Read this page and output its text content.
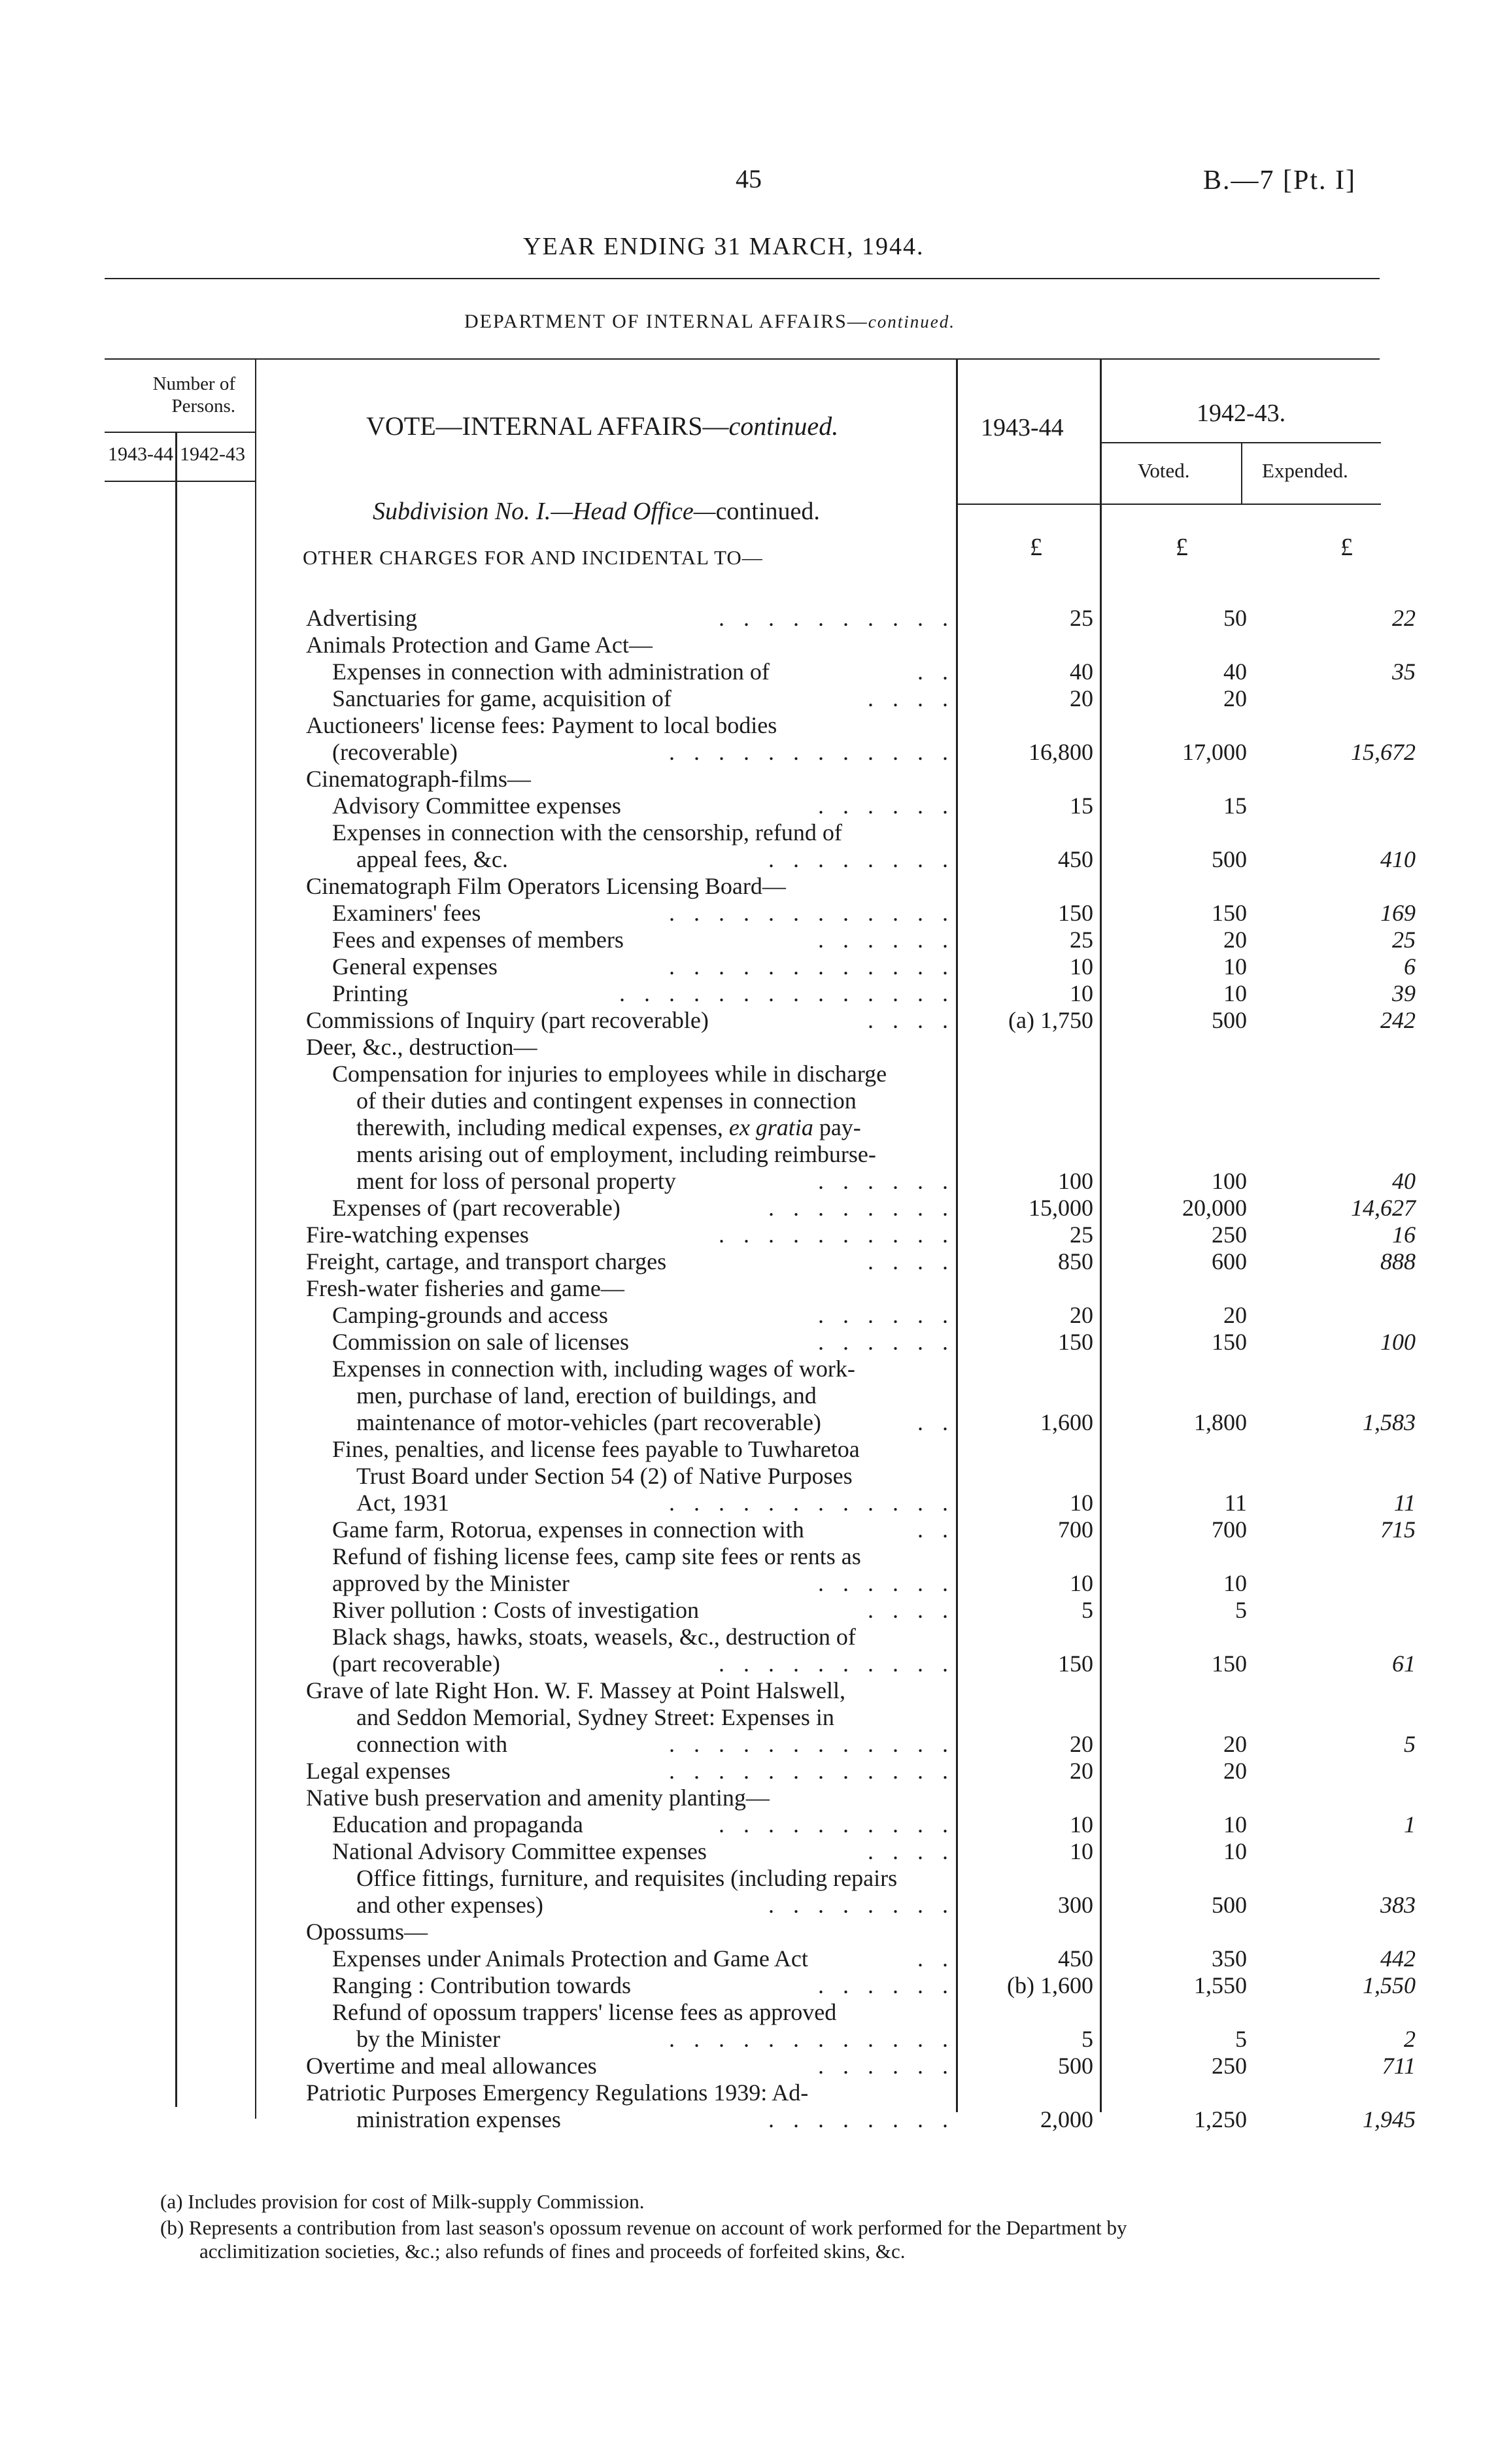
45	B.—7 [Pt. I]
YEAR ENDING 31 MARCH, 1944.
DEPARTMENT OF INTERNAL AFFAIRS—continued.
Number of Persons.
1943-44 1942-43
VOTE—INTERNAL AFFAIRS—continued.	1943-44
1942-43.
Voted.	Expended.
Subdivision No. I.—Head Office—continued.
OTHER CHARGES FOR AND INCIDENTAL TO—	£	£	£
Advertising	. . . . . . . . . .	25	50	22
Animals Protection and Game Act—
Expenses in connection with administration of	. .	40	40	35
Sanctuaries for game, acquisition of	. . . .	20	20
Auctioneers' license fees: Payment to local bodies
(recoverable)	. . . . . . . . . . . .	16,800	17,000	15,672
Cinematograph-films—
Advisory Committee expenses	. . . . . .	15	15
Expenses in connection with the censorship, refund of
appeal fees, &c.	. . . . . . . .	450	500	410
Cinematograph Film Operators Licensing Board—
Examiners' fees	. . . . . . . . . . . .	150	150	169
Fees and expenses of members	. . . . . .	25	20	25
General expenses	. . . . . . . . . . . .	10	10	6
Printing	. . . . . . . . . . . . . .	10	10	39
Commissions of Inquiry (part recoverable)	. . . .	(a) 1,750	500	242
Deer, &c., destruction—
Compensation for injuries to employees while in discharge
of their duties and contingent expenses in connection
therewith, including medical expenses, ex gratia pay-
ments arising out of employment, including reimburse-
ment for loss of personal property	. . . . . .	100	100	40
Expenses of (part recoverable)	. . . . . . . .	15,000	20,000	14,627
Fire-watching expenses	. . . . . . . . . .	25	250	16
Freight, cartage, and transport charges	. . . .	850	600	888
Fresh-water fisheries and game—
Camping-grounds and access	. . . . . .	20	20
Commission on sale of licenses	. . . . . .	150	150	100
Expenses in connection with, including wages of work-
men, purchase of land, erection of buildings, and
maintenance of motor-vehicles (part recoverable)	. .	1,600	1,800	1,583
Fines, penalties, and license fees payable to Tuwharetoa
Trust Board under Section 54 (2) of Native Purposes
Act, 1931	. . . . . . . . . . . .	10	11	11
Game farm, Rotorua, expenses in connection with	. .	700	700	715
Refund of fishing license fees, camp site fees or rents as
approved by the Minister	. . . . . .	10	10
River pollution : Costs of investigation	. . . .	5	5
Black shags, hawks, stoats, weasels, &c., destruction of
(part recoverable)	. . . . . . . . . .	150	150	61
Grave of late Right Hon. W. F. Massey at Point Halswell,
and Seddon Memorial, Sydney Street: Expenses in
connection with	. . . . . . . . . . . .	20	20	5
Legal expenses	. . . . . . . . . . . .	20	20
Native bush preservation and amenity planting—
Education and propaganda	. . . . . . . . . .	10	10	1
National Advisory Committee expenses	. . . .	10	10
Office fittings, furniture, and requisites (including repairs
and other expenses)	. . . . . . . .	300	500	383
Opossums—
Expenses under Animals Protection and Game Act	. .	450	350	442
Ranging : Contribution towards	. . . . . .	(b) 1,600	1,550	1,550
Refund of opossum trappers' license fees as approved
by the Minister	. . . . . . . . . . . .	5	5	2
Overtime and meal allowances	. . . . . .	500	250	711
Patriotic Purposes Emergency Regulations 1939: Ad-
ministration expenses	. . . . . . . .	2,000	1,250	1,945
(a) Includes provision for cost of Milk-supply Commission.
(b) Represents a contribution from last season's opossum revenue on account of work performed for the Department by
acclimitization societies, &c.; also refunds of fines and proceeds of forfeited skins, &c.
